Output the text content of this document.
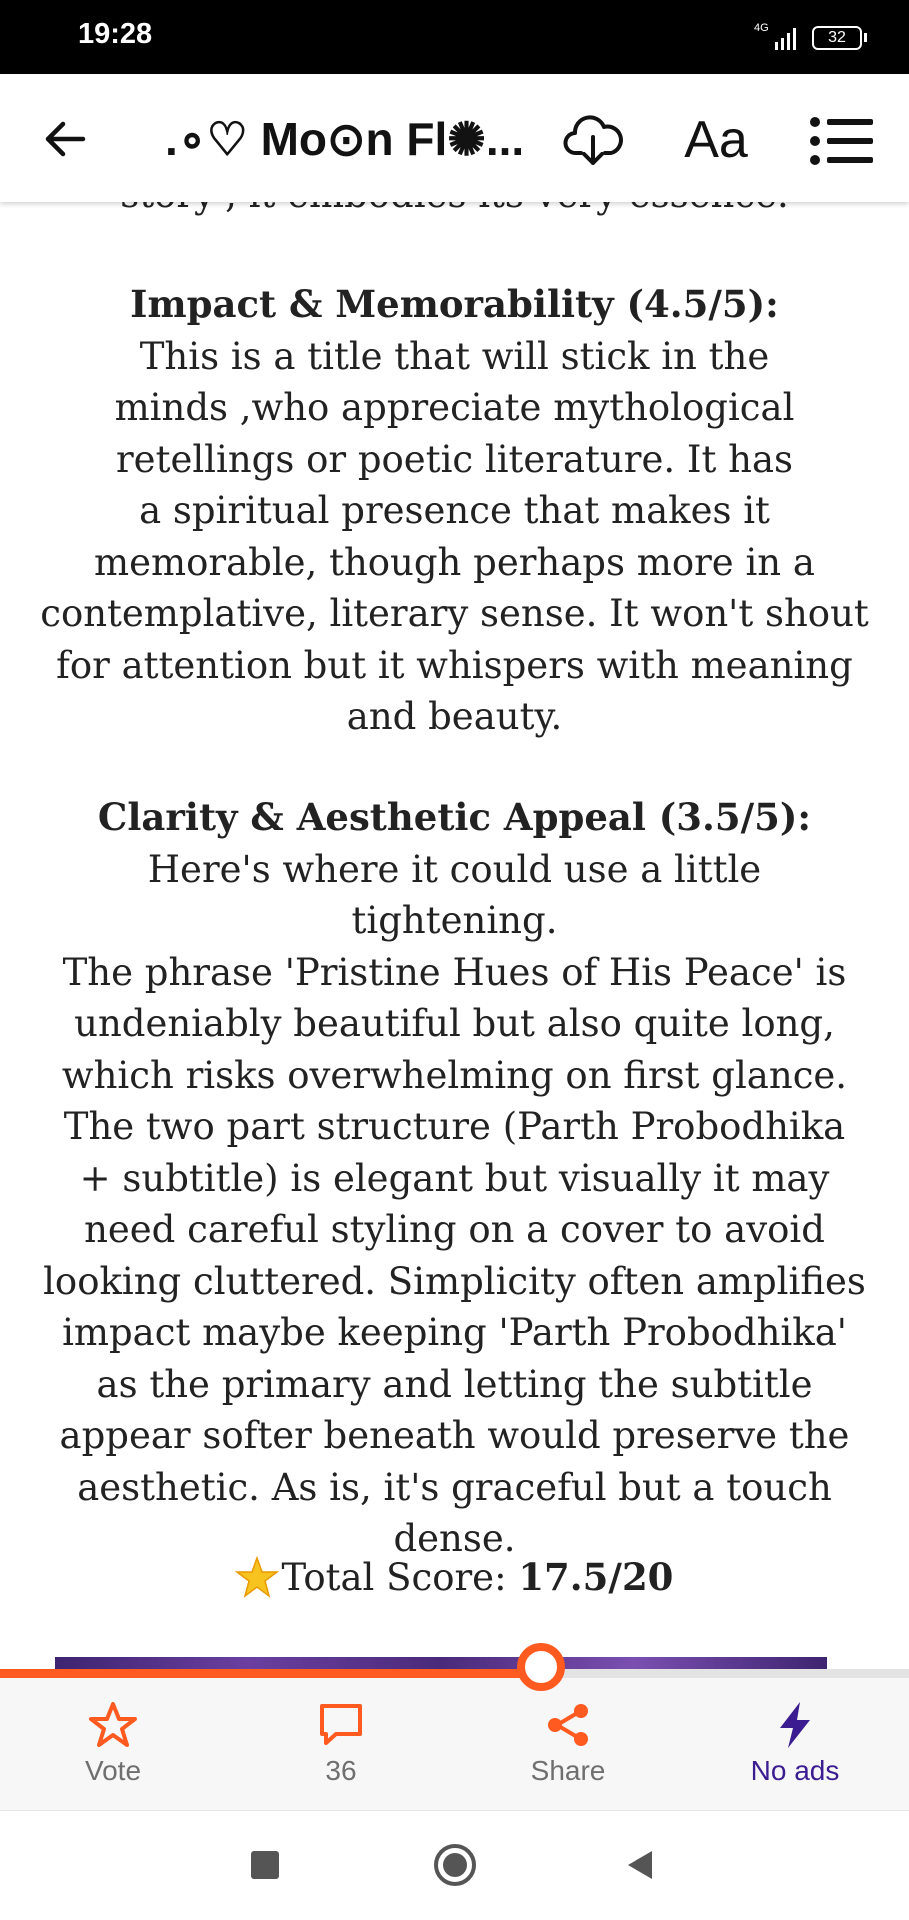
19:28	4G
32
.∘♡ Mo⊙n Fl✺...	Aa
Impact & Memorability (4.5/5):
This is a title that will stick in the
minds ,who appreciate mythological
retellings or poetic literature. It has
a spiritual presence that makes it
memorable, though perhaps more in a
contemplative, literary sense. It won't shout
for attention but it whispers with meaning
and beauty.
Clarity & Aesthetic Appeal (3.5/5):
Here's where it could use a little tightening.
The phrase 'Pristine Hues of His Peace' is
undeniably beautiful but also quite long,
which risks overwhelming on first glance.
The two part structure (Parth Probodhika
+ subtitle) is elegant but visually it may
need careful styling on a cover to avoid
looking cluttered. Simplicity often amplifies
impact maybe keeping 'Parth Probodhika'
as the primary and letting the subtitle
appear softer beneath would preserve the
aesthetic. As is, it's graceful but a touch
dense.
Total Score: 17.5/20
Vote	36	Share	No ads
